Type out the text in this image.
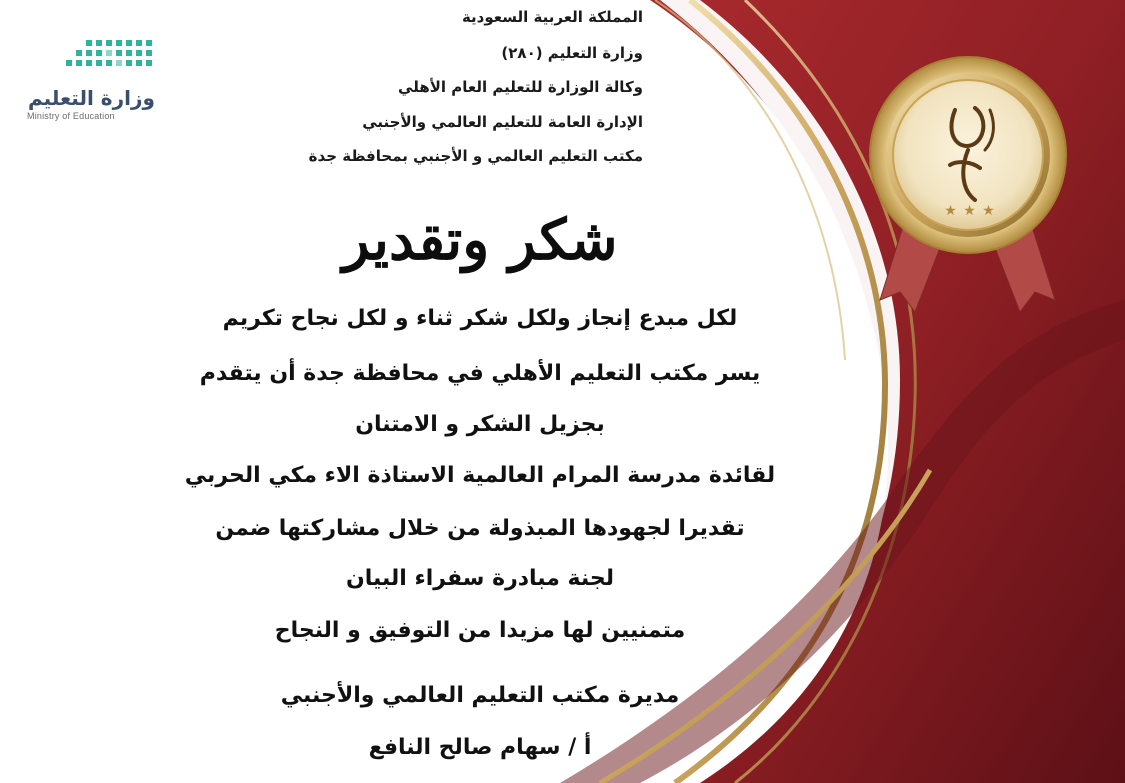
وزارة التعليم
Ministry of Education
المملكة العربية السعودية
وزارة التعليم (٢٨٠)
وكالة الوزارة للتعليم العام الأهلي
الإدارة العامة للتعليم العالمي والأجنبي
مكتب التعليم العالمي و الأجنبي بمحافظة جدة
شكر وتقدير
لكل مبدع إنجاز ولكل شكر ثناء و لكل نجاح تكريم
يسر مكتب التعليم الأهلي في محافظة جدة أن يتقدم
بجزيل الشكر و الامتنان
لقائدة مدرسة المرام العالمية الاستاذة الاء مكي الحربي
تقديرا لجهودها المبذولة من خلال مشاركتها ضمن
لجنة مبادرة سفراء البيان
متمنيين لها مزيدا من التوفيق و النجاح
مديرة مكتب التعليم العالمي والأجنبي
أ / سهام صالح النافع
★ ★ ★
